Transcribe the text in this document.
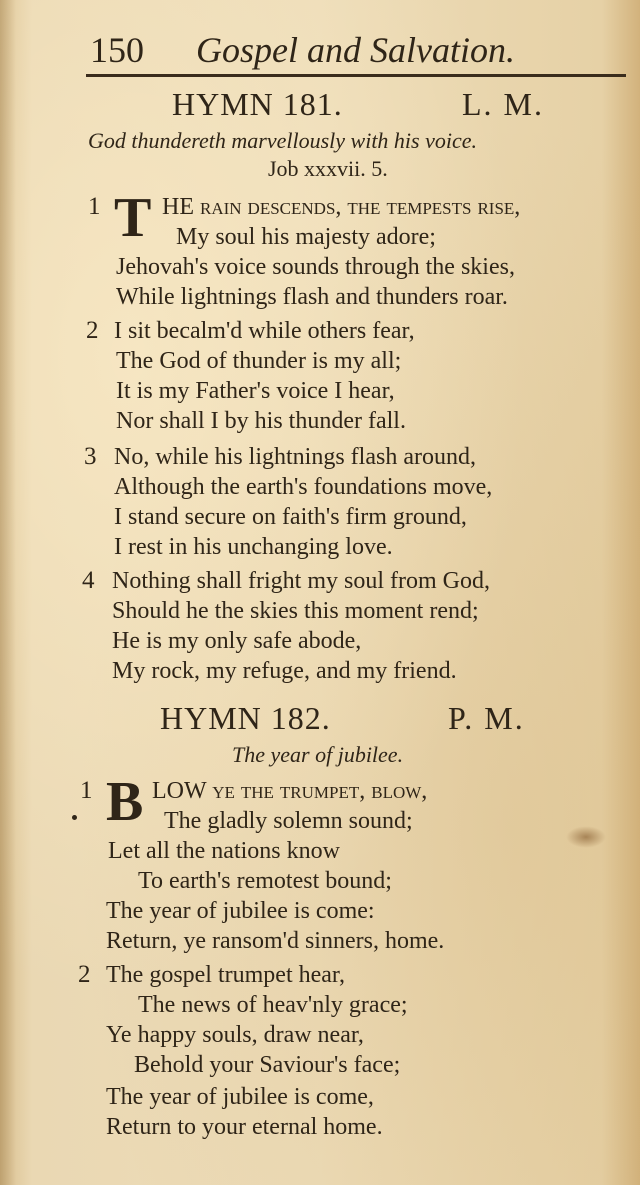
150 Gospel and Salvation.
HYMN 181.	L. M.
God thundereth marvellously with his voice.
Job xxxvii. 5.
1 T HE rain descends, the tempests rise,
My soul his majesty adore;
Jehovah's voice sounds through the skies,
While lightnings flash and thunders roar.
2 I sit becalm'd while others fear,
The God of thunder is my all;
It is my Father's voice I hear,
Nor shall I by his thunder fall.
3 No, while his lightnings flash around,
Although the earth's foundations move,
I stand secure on faith's firm ground,
I rest in his unchanging love.
4 Nothing shall fright my soul from God,
Should he the skies this moment rend;
He is my only safe abode,
My rock, my refuge, and my friend.
HYMN 182.	P. M.
The year of jubilee.
1 B LOW ye the trumpet, blow,
The gladly solemn sound;
Let all the nations know
To earth's remotest bound;
The year of jubilee is come:
Return, ye ransom'd sinners, home.
2 The gospel trumpet hear,
The news of heav'nly grace;
Ye happy souls, draw near,
Behold your Saviour's face;
The year of jubilee is come,
Return to your eternal home.
